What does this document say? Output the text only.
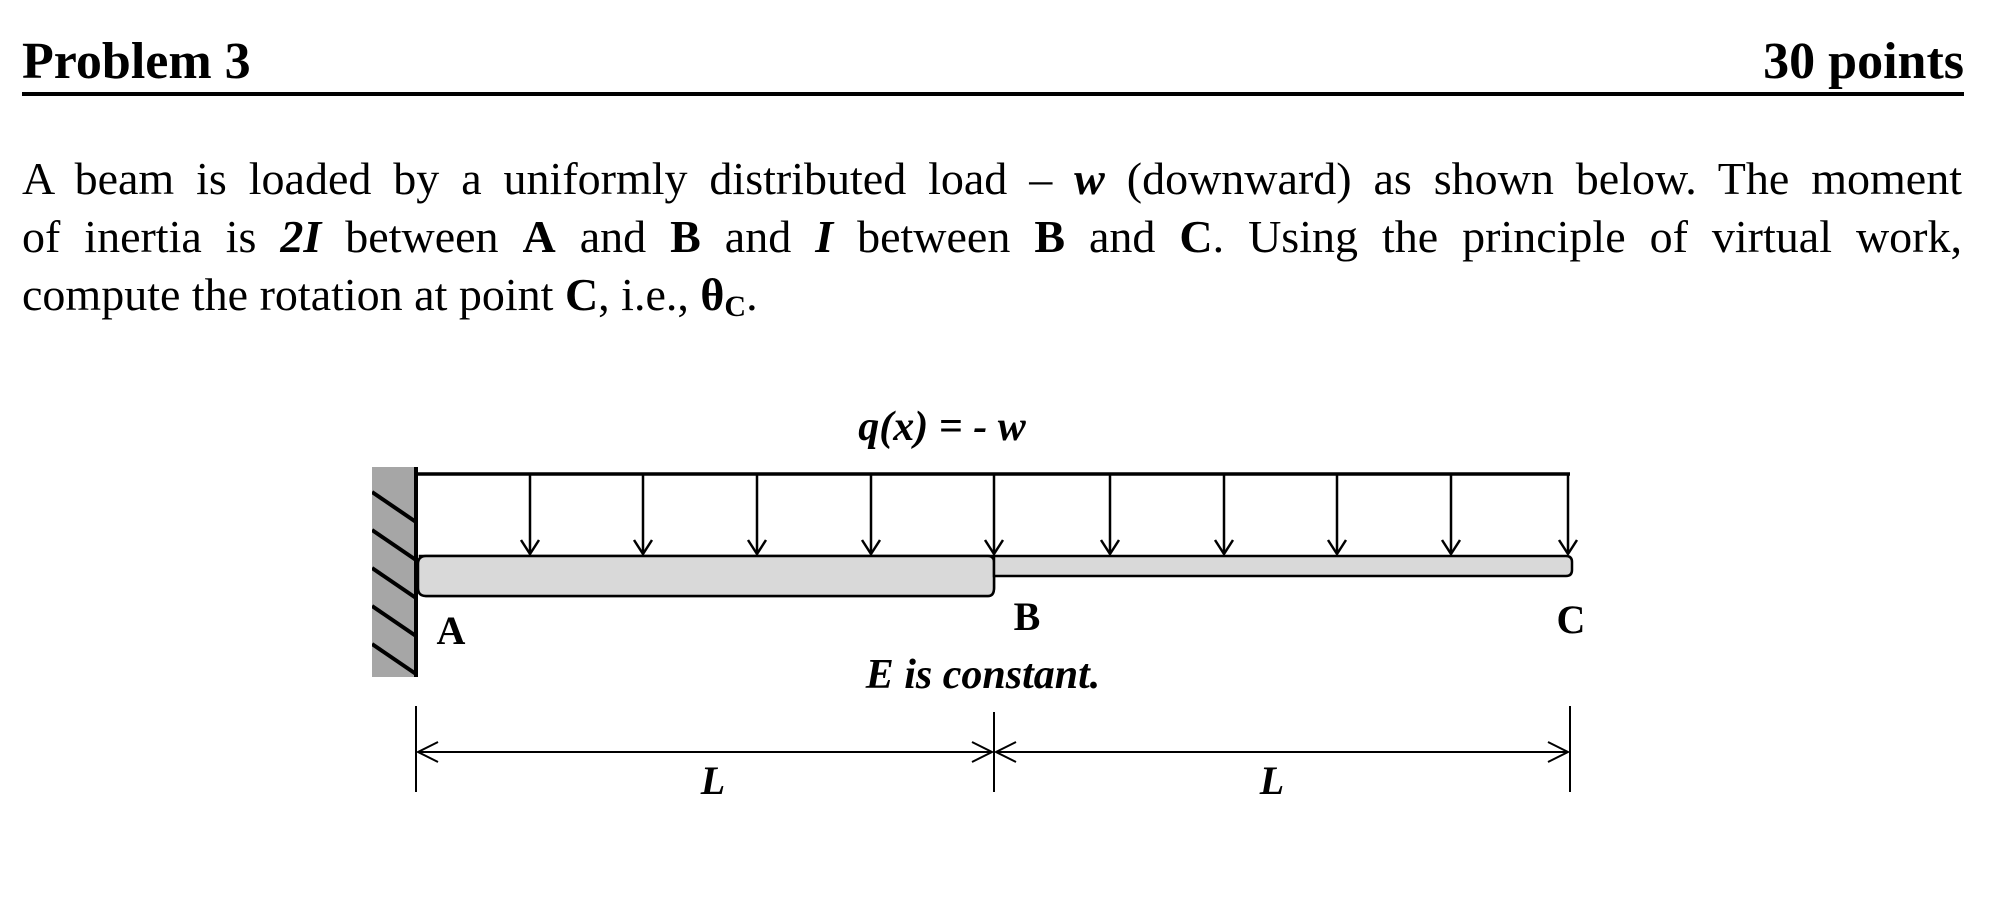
Problem 3	30 points
A beam is loaded by a uniformly distributed load – w (downward) as shown below. The moment
of inertia is 2I between A and B and I between B and C. Using the principle of virtual work,
compute the rotation at point C, i.e., $\theta_C$.
q(x) = - w
A	B	C
E is constant.
L	L
